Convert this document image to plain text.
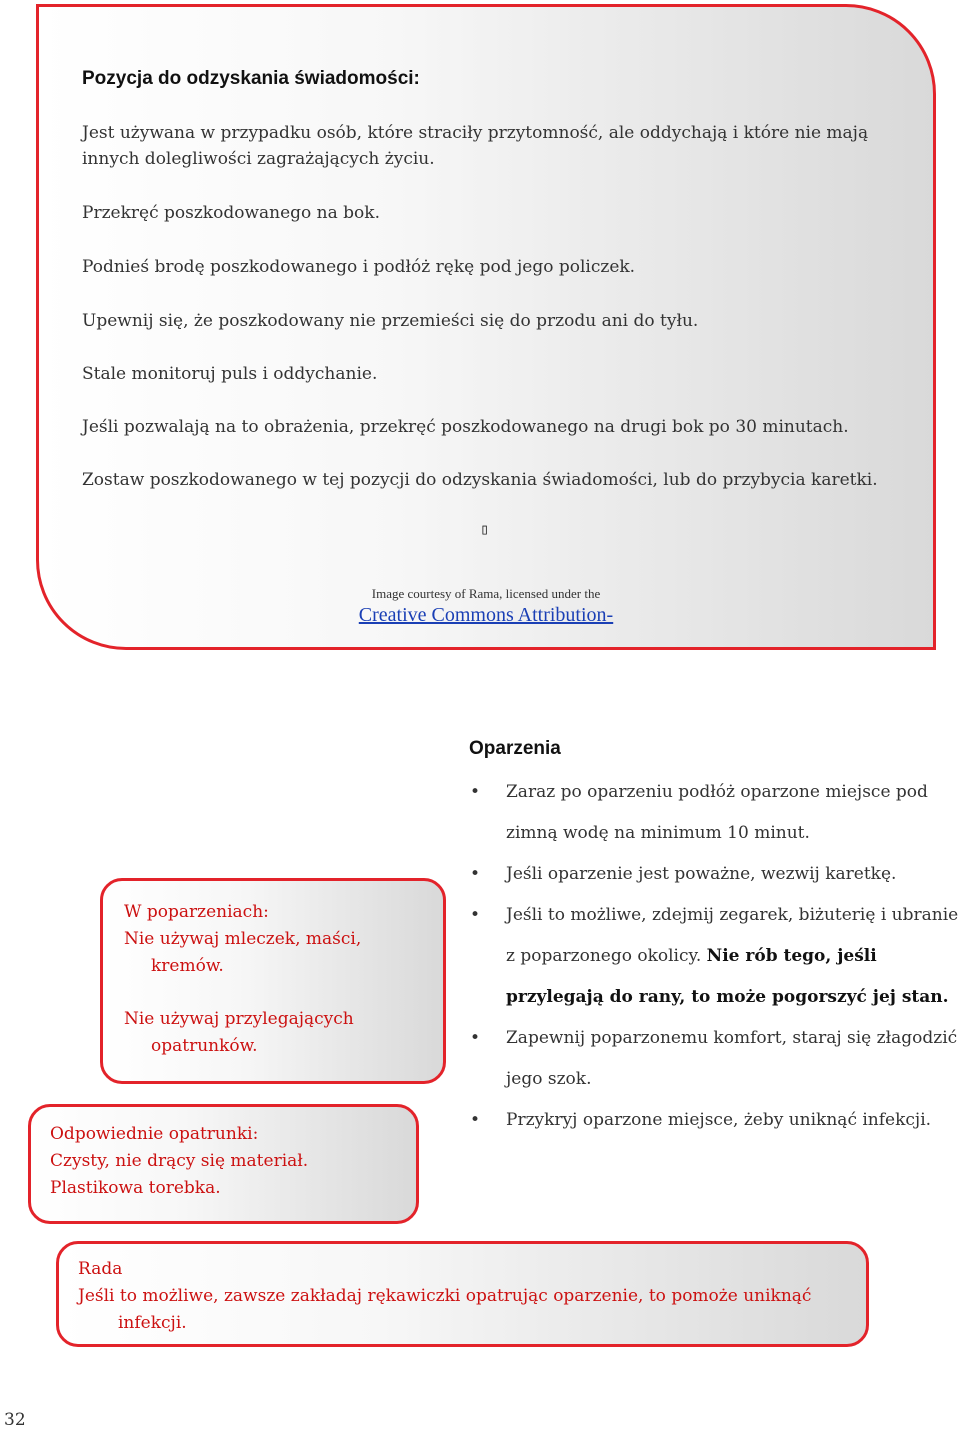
Pozycja do odzyskania świadomości:
Jest używana w przypadku osób, które straciły przytomność, ale oddychają i które nie mają innych dolegliwości zagrażających życiu.
Przekręć poszkodowanego na bok.
Podnieś brodę poszkodowanego i podłóż rękę pod jego policzek.
Upewnij się, że poszkodowany nie przemieści się do przodu ani do tyłu.
Stale monitoruj puls i oddychanie.
Jeśli pozwalają na to obrażenia, przekręć poszkodowanego na drugi bok po 30 minutach.
Zostaw poszkodowanego w tej pozycji do odzyskania świadomości, lub do przybycia karetki.
▯
Image courtesy of Rama, licensed under the
Creative Commons Attribution-
Oparzenia
• Zaraz po oparzeniu podłóż oparzone miejsce pod zimną wodę na minimum 10 minut.
• Jeśli oparzenie jest poważne, wezwij karetkę.
• Jeśli to możliwe, zdejmij zegarek, biżuterię i ubranie z poparzonego okolicy. Nie rób tego, jeśli przylegają do rany, to może pogorszyć jej stan.
• Zapewnij poparzonemu komfort, staraj się złagodzić jego szok.
• Przykryj oparzone miejsce, żeby uniknąć infekcji.
W poparzeniach:
Nie używaj mleczek, maści, kremów.
Nie używaj przylegających opatrunków.
Odpowiednie opatrunki:
Czysty, nie drący się materiał.
Plastikowa torebka.
Rada
Jeśli to możliwe, zawsze zakładaj rękawiczki opatrując oparzenie, to pomoże uniknąć infekcji.
32
